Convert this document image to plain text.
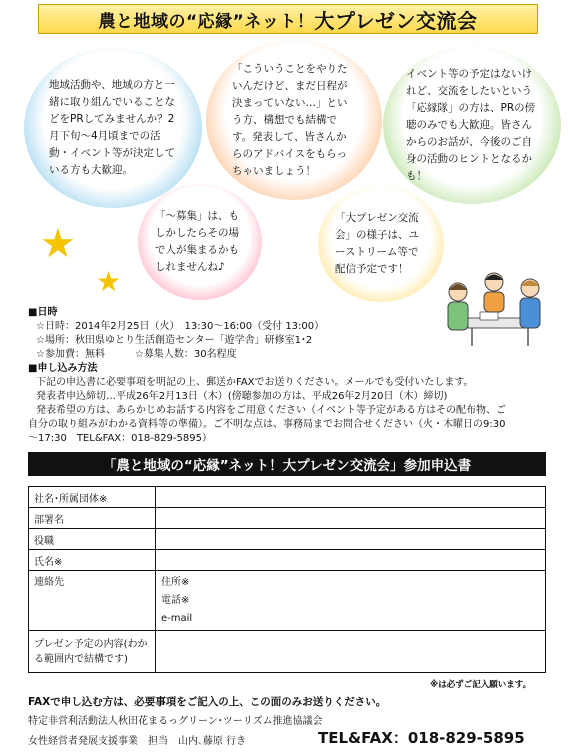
農と地域の“応縁”ネット！ 大プレゼン交流会
地域活動や、地域の方と一緒に取り組んでいることなどをPRしてみませんか？2月下旬〜4月頃までの活動・イベント等が決定している方も大歓迎。
「こういうことをやりたいんだけど、まだ日程が決まっていない…」という方、構想でも結構です。発表して、皆さんからのアドバイスをもらっちゃいましょう！
イベント等の予定はないけれど、交流をしたいという「応縁隊」の方は、PRの傍聴のみでも大歓迎。皆さんからのお話が、今後のご自身の活動のヒントとなるかも！
「〜募集」は、もしかしたらその場で人が集まるかもしれませんね♪
「大プレゼン交流会」の様子は、ユーストリーム等で配信予定です！
★
★
■日時
☆日時：2014年2月25日（火）　13:30〜16:00（受付 13:00）
☆場所：秋田県ゆとり生活創造センター「遊学舎」研修室1･2
☆参加費：無料　　　☆募集人数：30名程度
■申し込み方法
下記の申込書に必要事項を明記の上、郵送かFAXでお送りください。メールでも受付いたします。
発表者申込締切…平成26年2月13日（木）(傍聴参加の方は、平成26年2月20日（木）締切)
発表希望の方は、あらかじめお話する内容をご用意ください（イベント等予定がある方はその配布物、ご
自分の取り組みがわかる資料等の準備）。ご不明な点は、事務局までお問合せください（火・木曜日の9:30
〜17:30　TEL&FAX：018-829-5895）
「農と地域の“応縁”ネット！大プレゼン交流会」参加申込書
社名･所属団体※	
部署名	
役職	
氏名※	
連絡先	住所※
電話※
e-mail

プレゼン予定の内容(わかる範囲内で結構です)	
※は必ずご記入願います。
FAXで申し込む方は、必要事項をご記入の上、この面のみお送りください。
特定非営利活動法人秋田花まるっグリーン･ツーリズム推進協議会
女性経営者発展支援事業　担当　山内､藤原 行き	TEL&FAX：018-829-5895
